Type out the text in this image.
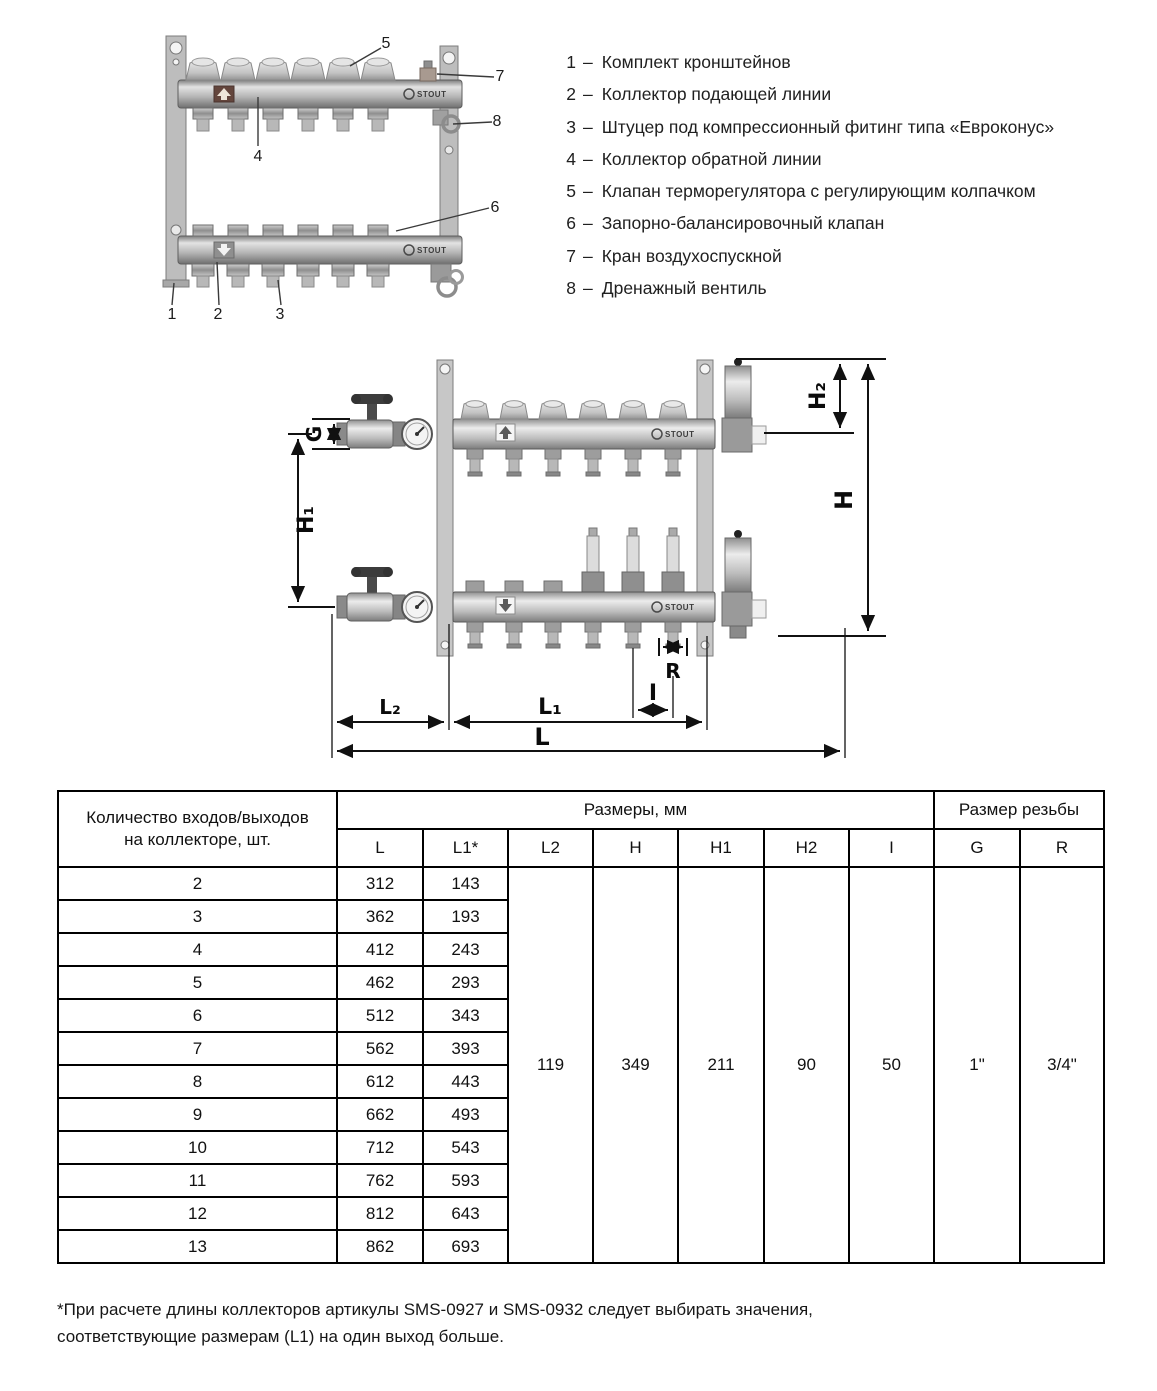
STOUT
STOUT
5
7
8
4
6
1 2	3
1 – Комплект кронштейнов
2 – Коллектор подающей линии
3 – Штуцер под компрессионный фитинг типа «Евроконус»
4 – Коллектор обратной линии
5 – Клапан терморегулятора с регулирующим колпачком
6 – Запорно-балансировочный клапан
7 – Кран воздухоспускной
8 – Дренажный вентиль
STOUT
STOUT
G
H₁
H₂
H
R
I
L₂	L₁
L
Количество входов/выходов
на коллекторе, шт.	Размеры, мм							Размер резьбы	
	L	L1*	L2	H	H1	H2	I	G	R
2	312	143	119	349	211	90	50	1"	3/4"
3	362	193							
4	412	243							
5	462	293							
6	512	343							
7	562	393							
8	612	443							
9	662	493							
10	712	543							
11	762	593							
12	812	643							
13	862	693							
*При расчете длины коллекторов артикулы SMS-0927 и SMS-0932 следует выбирать значения,
соответствующие размерам (L1) на один выход больше.
